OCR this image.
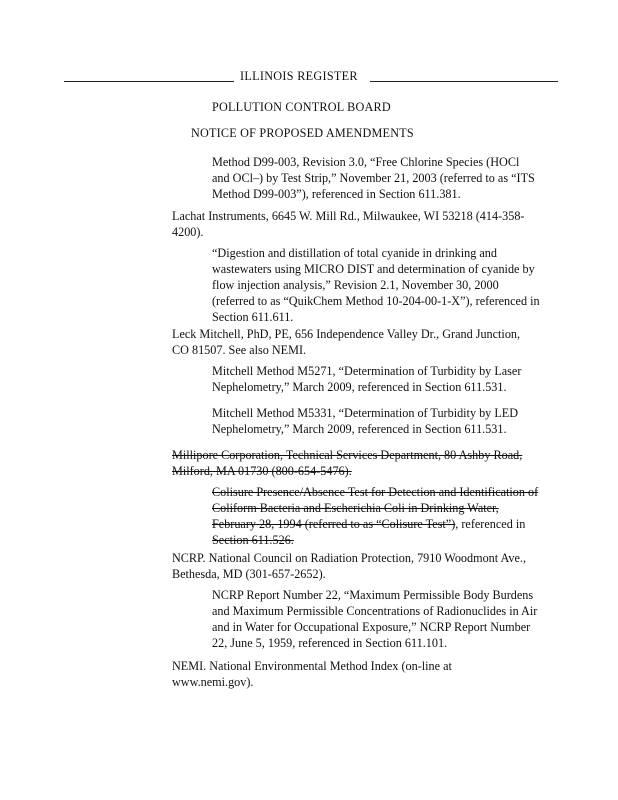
ILLINOIS REGISTER
POLLUTION CONTROL BOARD
NOTICE OF PROPOSED AMENDMENTS

Method D99-003, Revision 3.0, “Free Chlorine Species (HOCl

and OCl–) by Test Strip,” November 21, 2003 (referred to as “ITS

Method D99-003”), referenced in Section 611.381.

Lachat Instruments, 6645 W. Mill Rd., Milwaukee, WI 53218 (414-358-

4200).

“Digestion and distillation of total cyanide in drinking and

wastewaters using MICRO DIST and determination of cyanide by

flow injection analysis,” Revision 2.1, November 30, 2000

(referred to as “QuikChem Method 10-204-00-1-X”), referenced in

Section 611.611.

Leck Mitchell, PhD, PE, 656 Independence Valley Dr., Grand Junction,

CO 81507. See also NEMI.

Mitchell Method M5271, “Determination of Turbidity by Laser

Nephelometry,” March 2009, referenced in Section 611.531.

Mitchell Method M5331, “Determination of Turbidity by LED

Nephelometry,” March 2009, referenced in Section 611.531.

Millipore Corporation, Technical Services Department, 80 Ashby Road,

Milford, MA 01730 (800-654-5476).

Colisure Presence/Absence Test for Detection and Identification of

Coliform Bacteria and Escherichia Coli in Drinking Water,

February 28, 1994 (referred to as “Colisure Test”), referenced in

Section 611.526.

NCRP. National Council on Radiation Protection, 7910 Woodmont Ave.,

Bethesda, MD (301-657-2652).

NCRP Report Number 22, “Maximum Permissible Body Burdens

and Maximum Permissible Concentrations of Radionuclides in Air

and in Water for Occupational Exposure,” NCRP Report Number

22, June 5, 1959, referenced in Section 611.101.

NEMI. National Environmental Method Index (on-line at

www.nemi.gov).
